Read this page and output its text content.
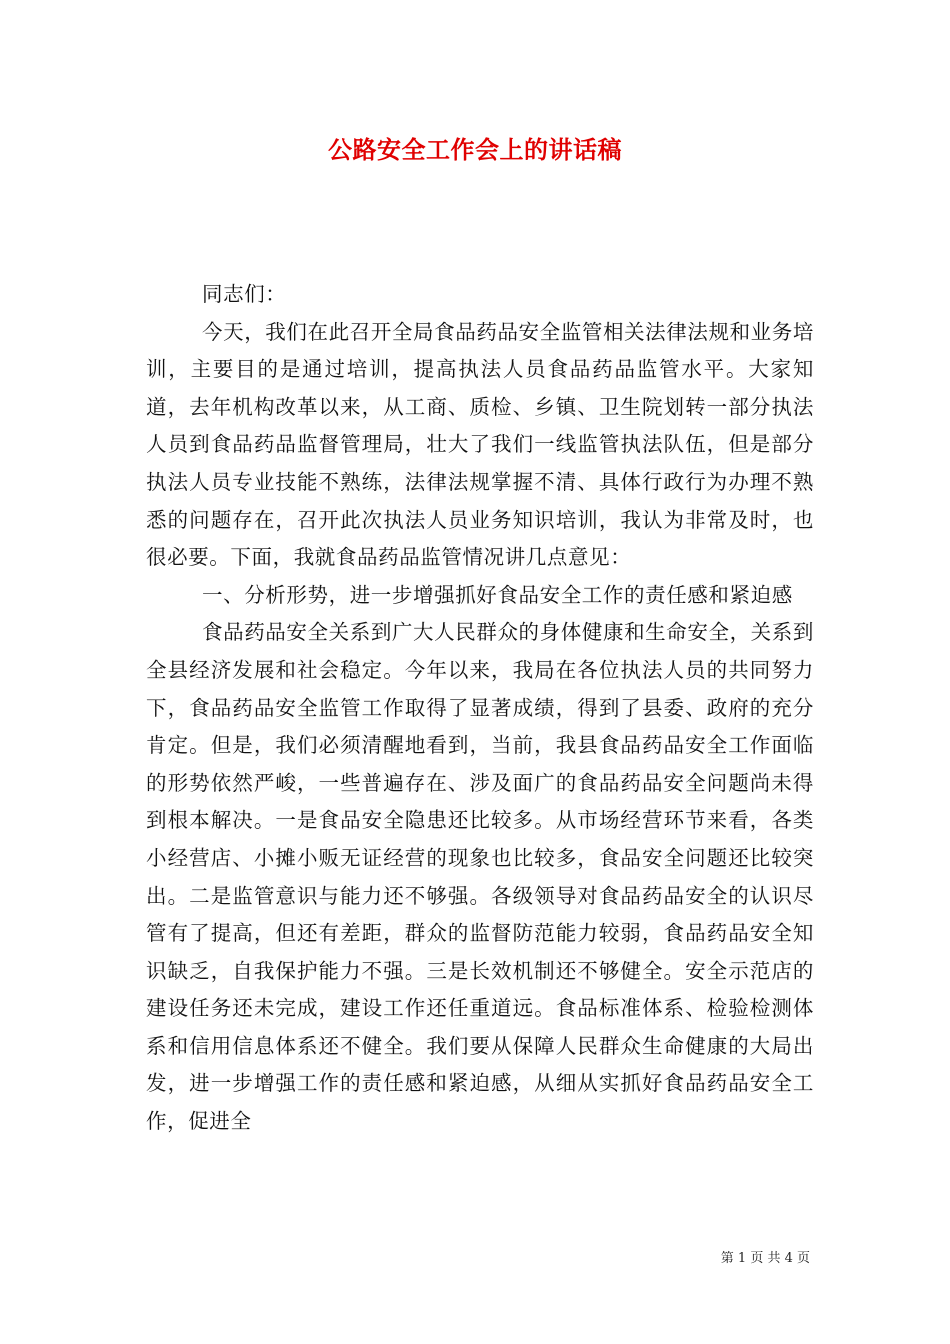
公路安全工作会上的讲话稿

同志们：

今天，我们在此召开全局食品药品安全监管相关法律法规和业务培训，主要目的是通过培训，提高执法人员食品药品监管水平。大家知道，去年机构改革以来，从工商、质检、乡镇、卫生院划转一部分执法人员到食品药品监督管理局，壮大了我们一线监管执法队伍，但是部分执法人员专业技能不熟练，法律法规掌握不清、具体行政行为办理不熟悉的问题存在，召开此次执法人员业务知识培训，我认为非常及时，也很必要。下面，我就食品药品监管情况讲几点意见：

一、分析形势，进一步增强抓好食品安全工作的责任感和紧迫感

食品药品安全关系到广大人民群众的身体健康和生命安全，关系到全县经济发展和社会稳定。今年以来，我局在各位执法人员的共同努力下，食品药品安全监管工作取得了显著成绩，得到了县委、政府的充分肯定。但是，我们必须清醒地看到，当前，我县食品药品安全工作面临的形势依然严峻，一些普遍存在、涉及面广的食品药品安全问题尚未得到根本解决。一是食品安全隐患还比较多。从市场经营环节来看，各类小经营店、小摊小贩无证经营的现象也比较多，食品安全问题还比较突出。二是监管意识与能力还不够强。各级领导对食品药品安全的认识尽管有了提高，但还有差距，群众的监督防范能力较弱，食品药品安全知识缺乏，自我保护能力不强。三是长效机制还不够健全。安全示范店的建设任务还未完成，建设工作还任重道远。食品标准体系、检验检测体系和信用信息体系还不健全。我们要从保障人民群众生命健康的大局出发，进一步增强工作的责任感和紧迫感，从细从实抓好食品药品安全工作，促进全

第 1 页 共 4 页
